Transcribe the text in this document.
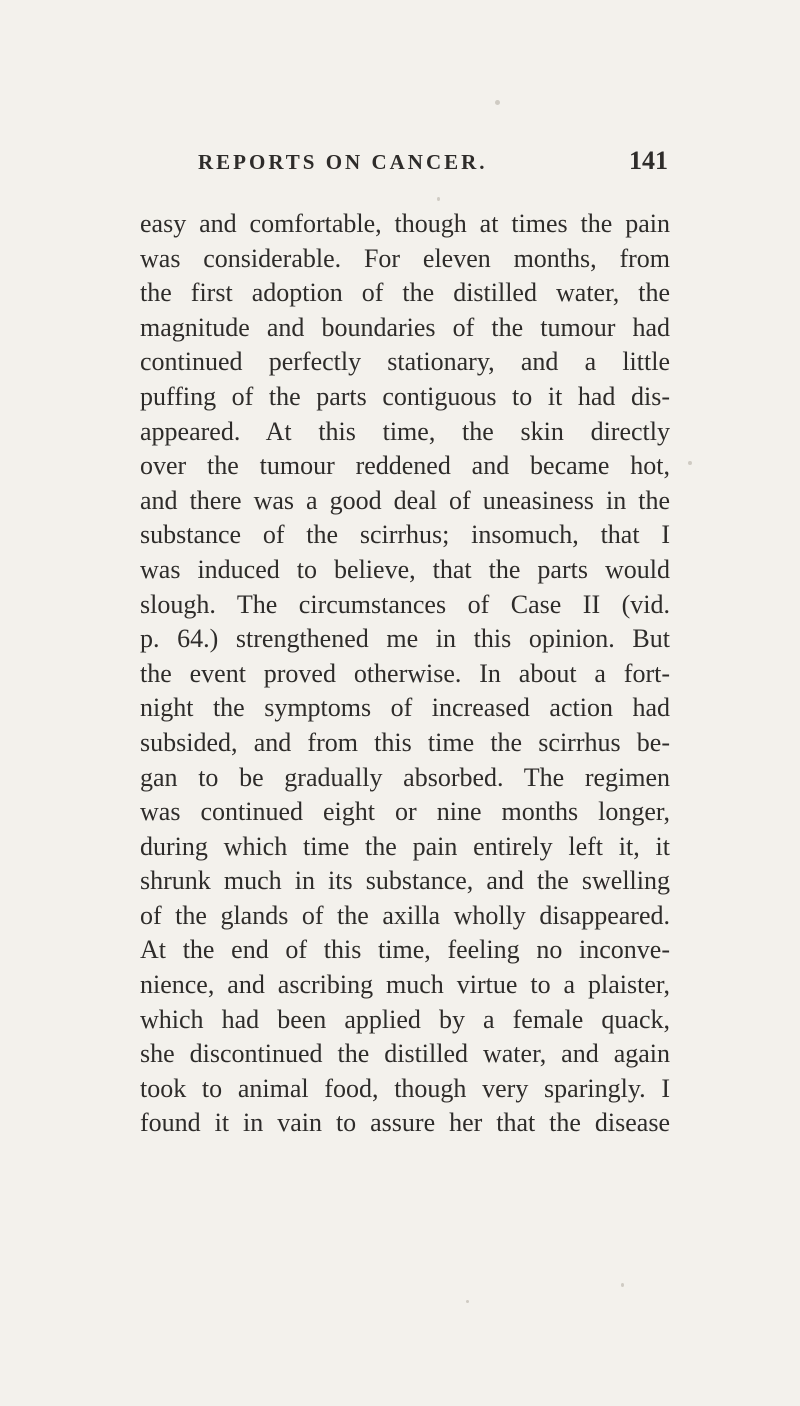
REPORTS ON CANCER.	141
easy and comfortable, though at times the pain
was considerable. For eleven months, from
the first adoption of the distilled water, the
magnitude and boundaries of the tumour had
continued perfectly stationary, and a little
puffing of the parts contiguous to it had dis-
appeared. At this time, the skin directly
over the tumour reddened and became hot,
and there was a good deal of uneasiness in the
substance of the scirrhus; insomuch, that I
was induced to believe, that the parts would
slough. The circumstances of Case II (vid.
p. 64.) strengthened me in this opinion. But
the event proved otherwise. In about a fort-
night the symptoms of increased action had
subsided, and from this time the scirrhus be-
gan to be gradually absorbed. The regimen
was continued eight or nine months longer,
during which time the pain entirely left it, it
shrunk much in its substance, and the swelling
of the glands of the axilla wholly disappeared.
At the end of this time, feeling no inconve-
nience, and ascribing much virtue to a plaister,
which had been applied by a female quack,
she discontinued the distilled water, and again
took to animal food, though very sparingly. I
found it in vain to assure her that the disease
